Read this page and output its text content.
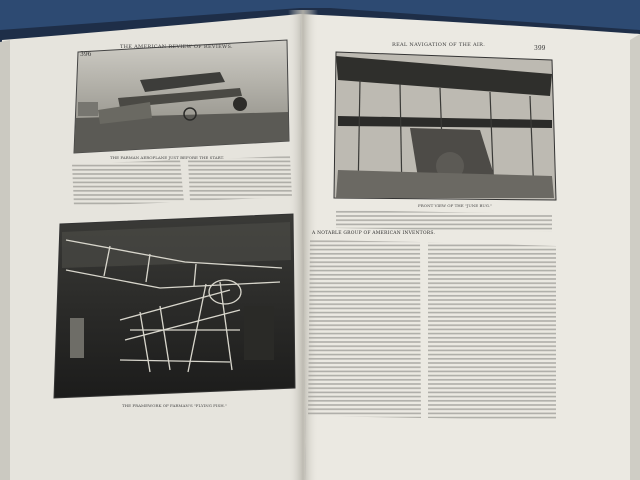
396
THE AMERICAN REVIEW OF REVIEWS.
THE FARMAN AEROPLANE JUST BEFORE THE START.
THE FRAMEWORK OF FARMAN'S "FLYING FISH."
REAL NAVIGATION OF THE AIR.	399
FRONT VIEW OF THE "JUNE BUG."
A NOTABLE GROUP OF AMERICAN INVENTORS.
